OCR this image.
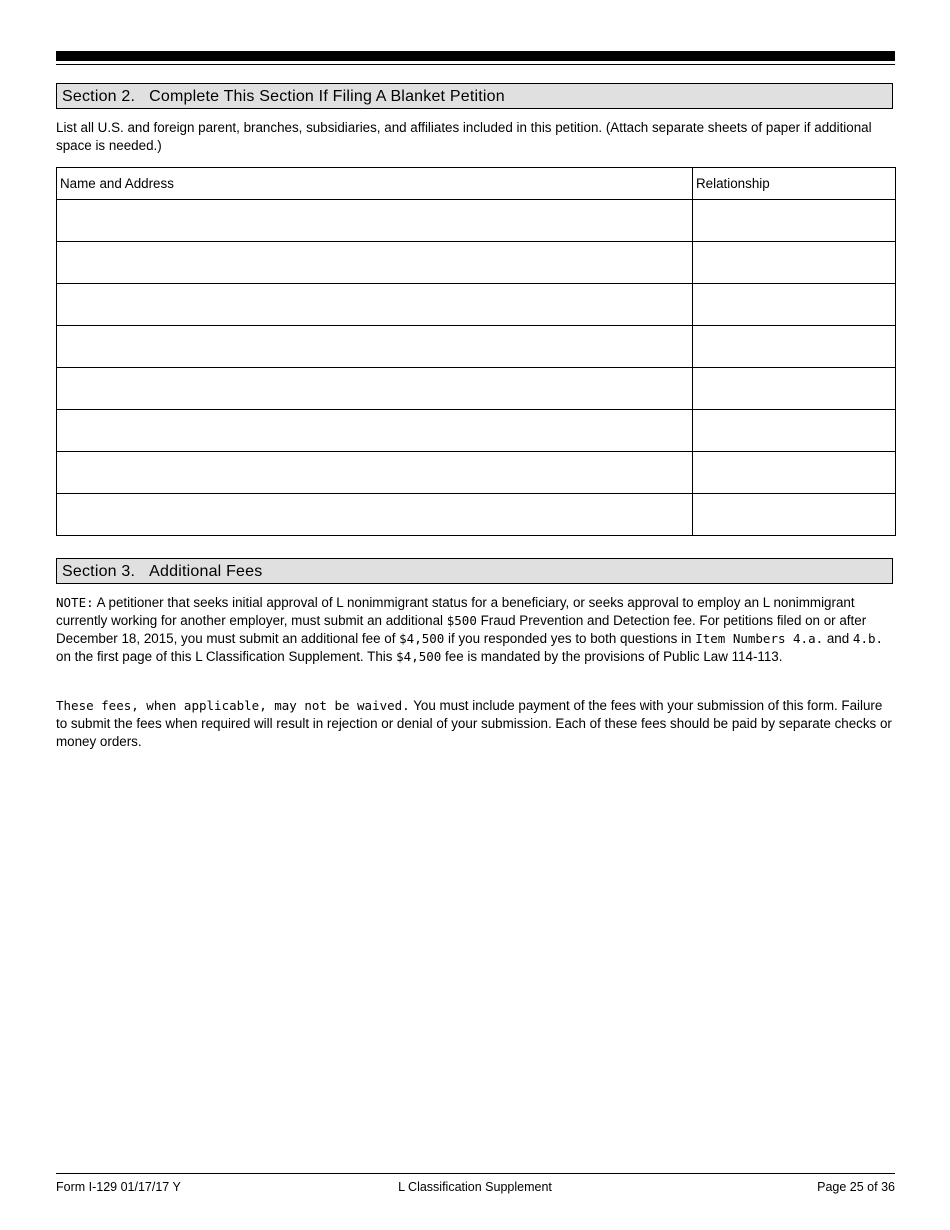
Section 2. Complete This Section If Filing A Blanket Petition

List all U.S. and foreign parent, branches, subsidiaries, and affiliates included in this petition. (Attach separate sheets of paper if additional space is needed.)

Name and Address	Relationship

Section 3. Additional Fees

NOTE: A petitioner that seeks initial approval of L nonimmigrant status for a beneficiary, or seeks approval to employ an L nonimmigrant currently working for another employer, must submit an additional $500 Fraud Prevention and Detection fee. For petitions filed on or after December 18, 2015, you must submit an additional fee of $4,500 if you responded yes to both questions in Item Numbers 4.a. and 4.b. on the first page of this L Classification Supplement. This $4,500 fee is mandated by the provisions of Public Law 114-113.

These fees, when applicable, may not be waived. You must include payment of the fees with your submission of this form. Failure to submit the fees when required will result in rejection or denial of your submission. Each of these fees should be paid by separate checks or money orders.

Form I-129 01/17/17 Y	L Classification Supplement	Page 25 of 36
